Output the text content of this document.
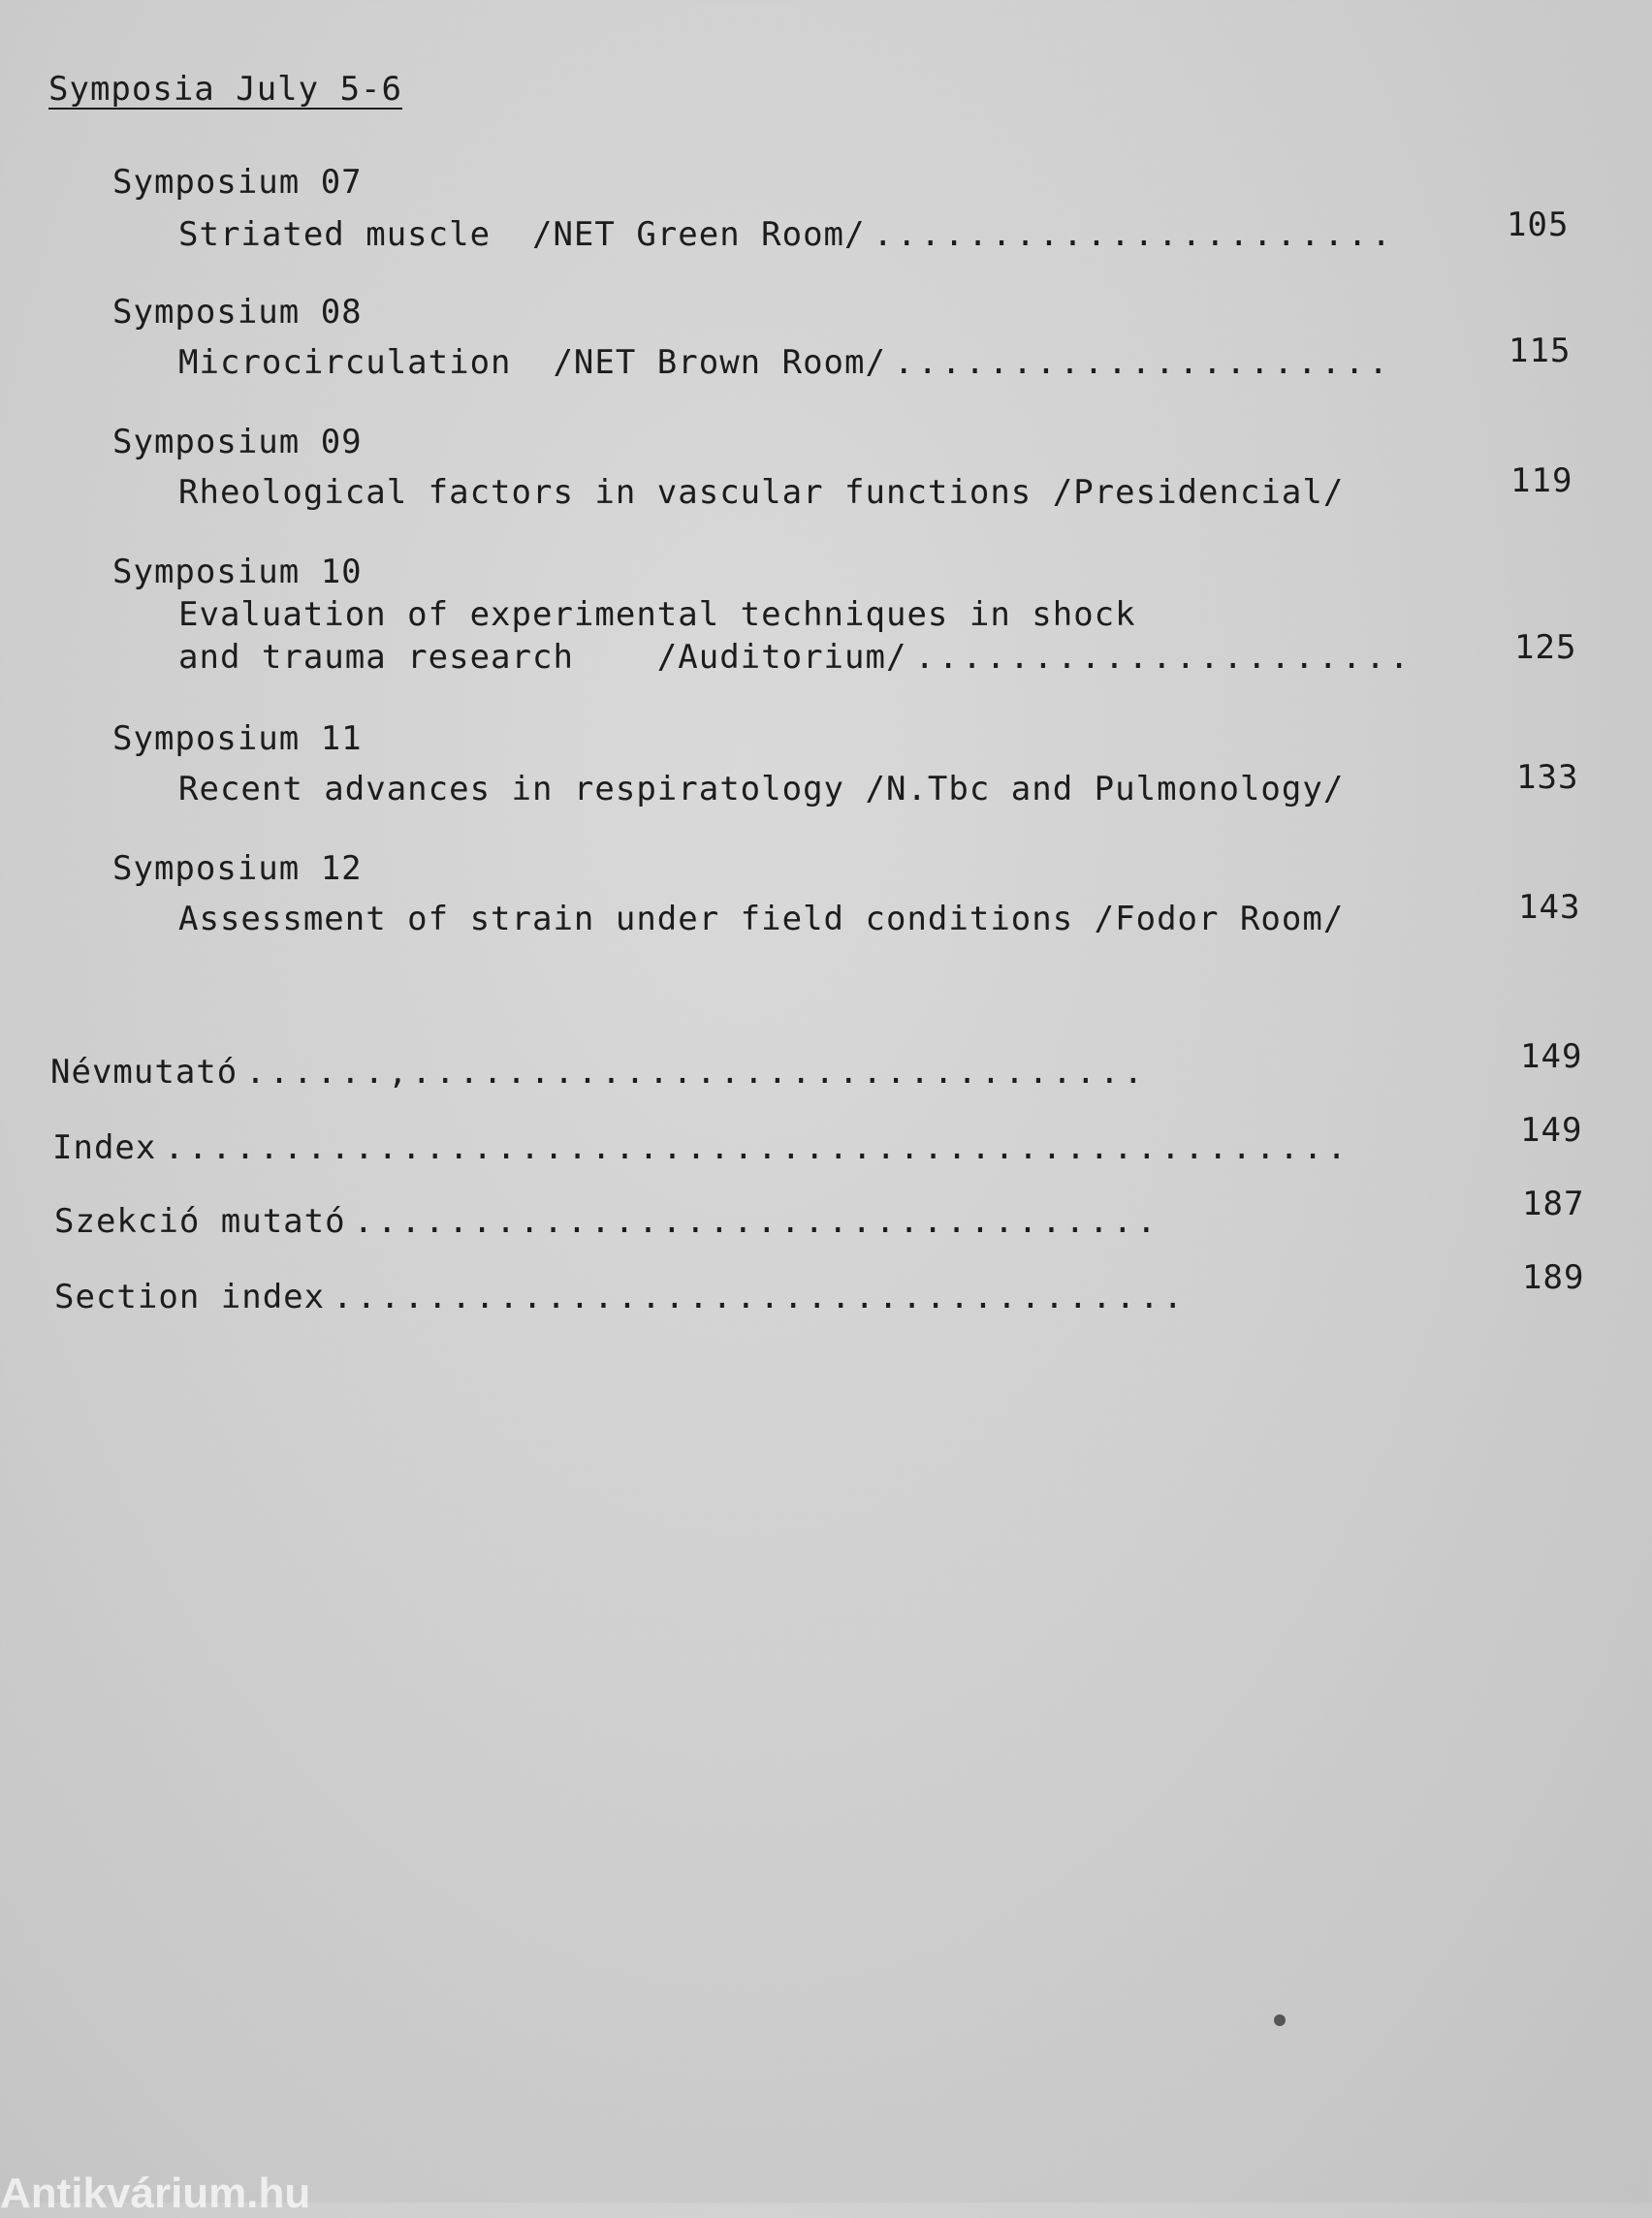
Symposia July 5-6
Symposium 07
Striated muscle  /NET Green Room/ ......................	105
Symposium 08
Microcirculation  /NET Brown Room/ .....................	115
Symposium 09
Rheological factors in vascular functions /Presidencial/	119
Symposium 10
Evaluation of experimental techniques in shock
and trauma research    /Auditorium/ .....................	125
Symposium 11
Recent advances in respiratology /N.Tbc and Pulmonology/	133
Symposium 12
Assessment of strain under field conditions /Fodor Room/	143
Névmutató ......,...............................	149
Index ..................................................	149
Szekció mutató ..................................	187
Section index ....................................	189
Antikvárium.hu
